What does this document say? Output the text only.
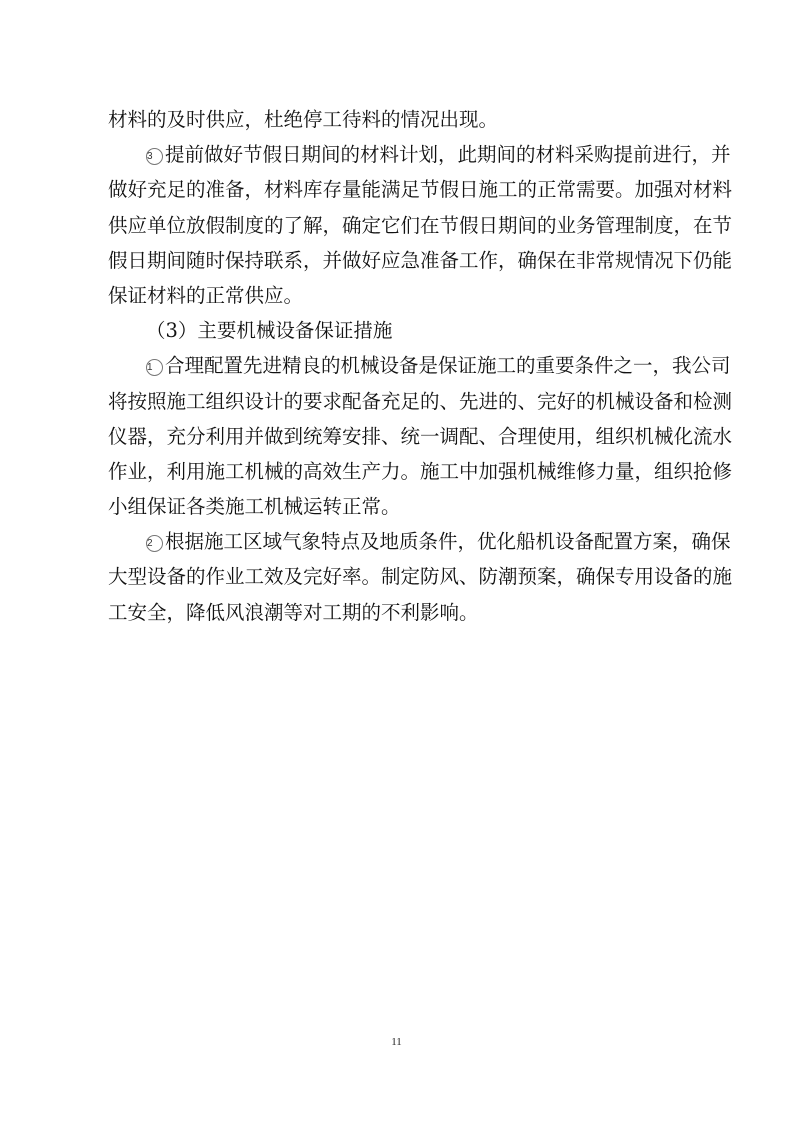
材料的及时供应，杜绝停工待料的情况出现。
3 提前做好节假日期间的材料计划，此期间的材料采购提前进行，并
做好充足的准备，材料库存量能满足节假日施工的正常需要。加强对材料
供应单位放假制度的了解，确定它们在节假日期间的业务管理制度，在节
假日期间随时保持联系，并做好应急准备工作，确保在非常规情况下仍能
保证材料的正常供应。
（3）主要机械设备保证措施
1 合理配置先进精良的机械设备是保证施工的重要条件之一，我公司
将按照施工组织设计的要求配备充足的、先进的、完好的机械设备和检测
仪器，充分利用并做到统筹安排、统一调配、合理使用，组织机械化流水
作业，利用施工机械的高效生产力。施工中加强机械维修力量，组织抢修
小组保证各类施工机械运转正常。
2 根据施工区域气象特点及地质条件，优化船机设备配置方案，确保
大型设备的作业工效及完好率。制定防风、防潮预案，确保专用设备的施
工安全，降低风浪潮等对工期的不利影响。
11
